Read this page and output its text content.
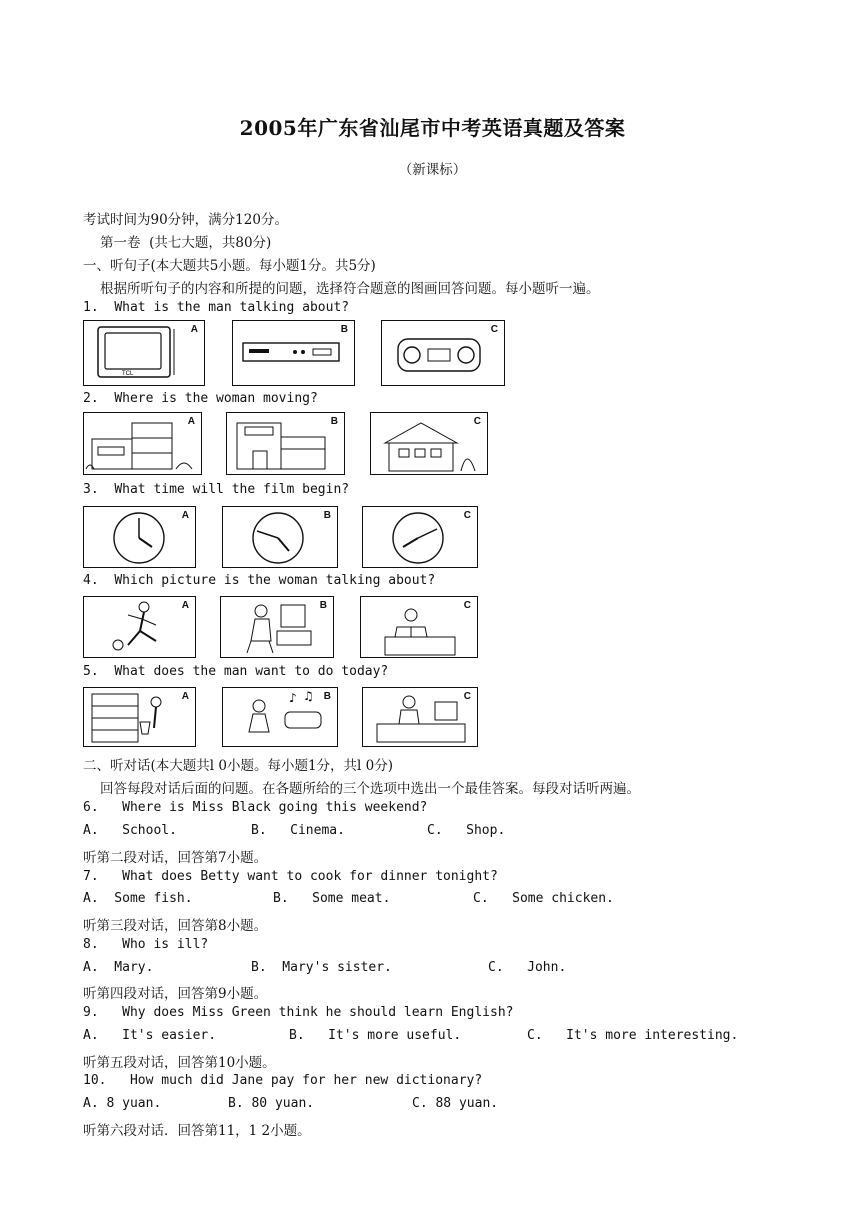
2005年广东省汕尾市中考英语真题及答案
（新课标）
考试时间为90分钟，满分120分。
第一卷  (共七大题，共80分)
一、听句子(本大题共5小题。每小题1分。共5分)
根据所听句子的内容和所提的问题，选择符合题意的图画回答问题。每小题听一遍。
1. What is the man talking about?
TCL
A	B	C
2. Where is the woman moving?
A	B	C
3. What time will the film begin?
A	B	C
4. Which picture is the woman talking about?
A	B	C
5. What does the man want to do today?
A	♪ ♫ B	C
二、听对话(本大题共l 0小题。每小题1分，共l 0分)
回答每段对话后面的问题。在各题所给的三个选项中选出一个最佳答案。每段对话听两遍。
6. Where is Miss Black going this weekend?
A.   School.	B.   Cinema.	C.   Shop.
听第二段对话，回答第7小题。
7. What does Betty want to cook for dinner tonight?
A.  Some fish.	B.   Some meat.	C.   Some chicken.
听第三段对话，回答第8小题。
8. Who is ill?
A.  Mary.	B.  Mary's sister.	C.   John.
听第四段对话，回答第9小题。
9. Why does Miss Green think he should learn English?
A.   It's easier.	B.   It's more useful.	C.   It's more interesting.
听第五段对话，回答第10小题。
10. How much did Jane pay for her new dictionary?
A. 8 yuan.	B. 80 yuan.	C. 88 yuan.
听第六段对话．回答第11，1 2小题。
